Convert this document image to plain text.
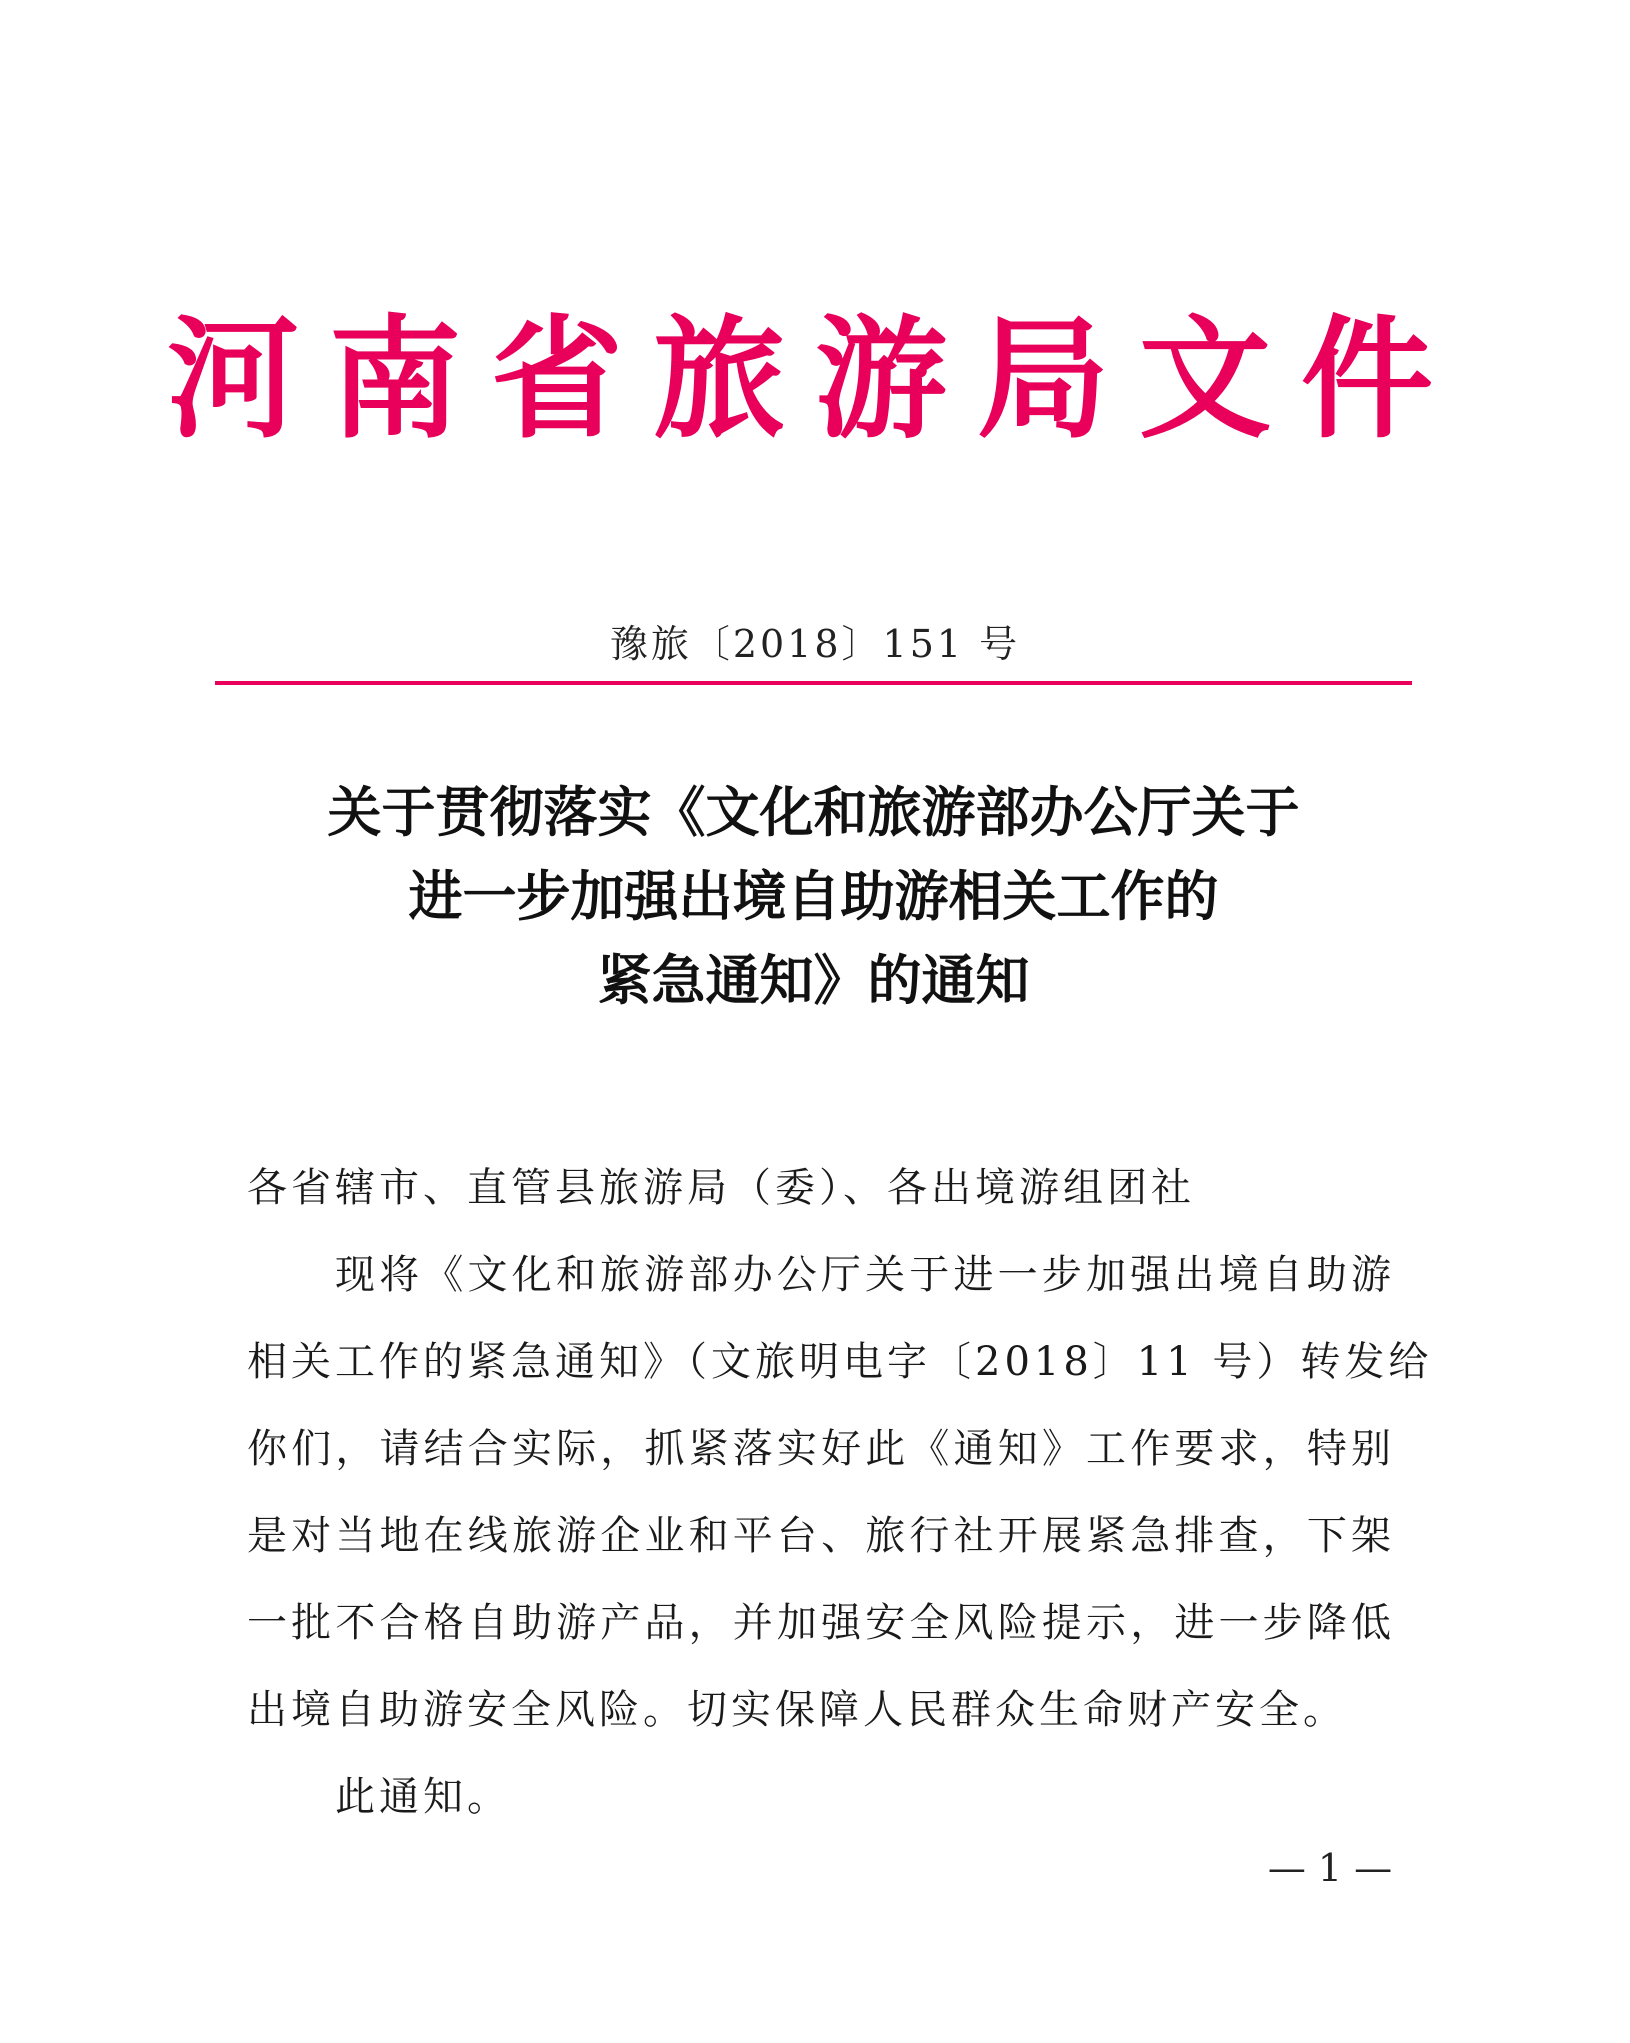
河南省旅游局文件
豫旅〔2018〕151 号
关于贯彻落实《文化和旅游部办公厅关于
进一步加强出境自助游相关工作的
紧急通知》的通知
各省辖市、直管县旅游局（委）、各出境游组团社
现将《文化和旅游部办公厅关于进一步加强出境自助游
相关工作的紧急通知》（文旅明电字〔2018〕11 号）转发给
你们，请结合实际，抓紧落实好此《通知》工作要求，特别
是对当地在线旅游企业和平台、旅行社开展紧急排查，下架
一批不合格自助游产品，并加强安全风险提示，进一步降低
出境自助游安全风险。切实保障人民群众生命财产安全。
此通知。
— 1 —
